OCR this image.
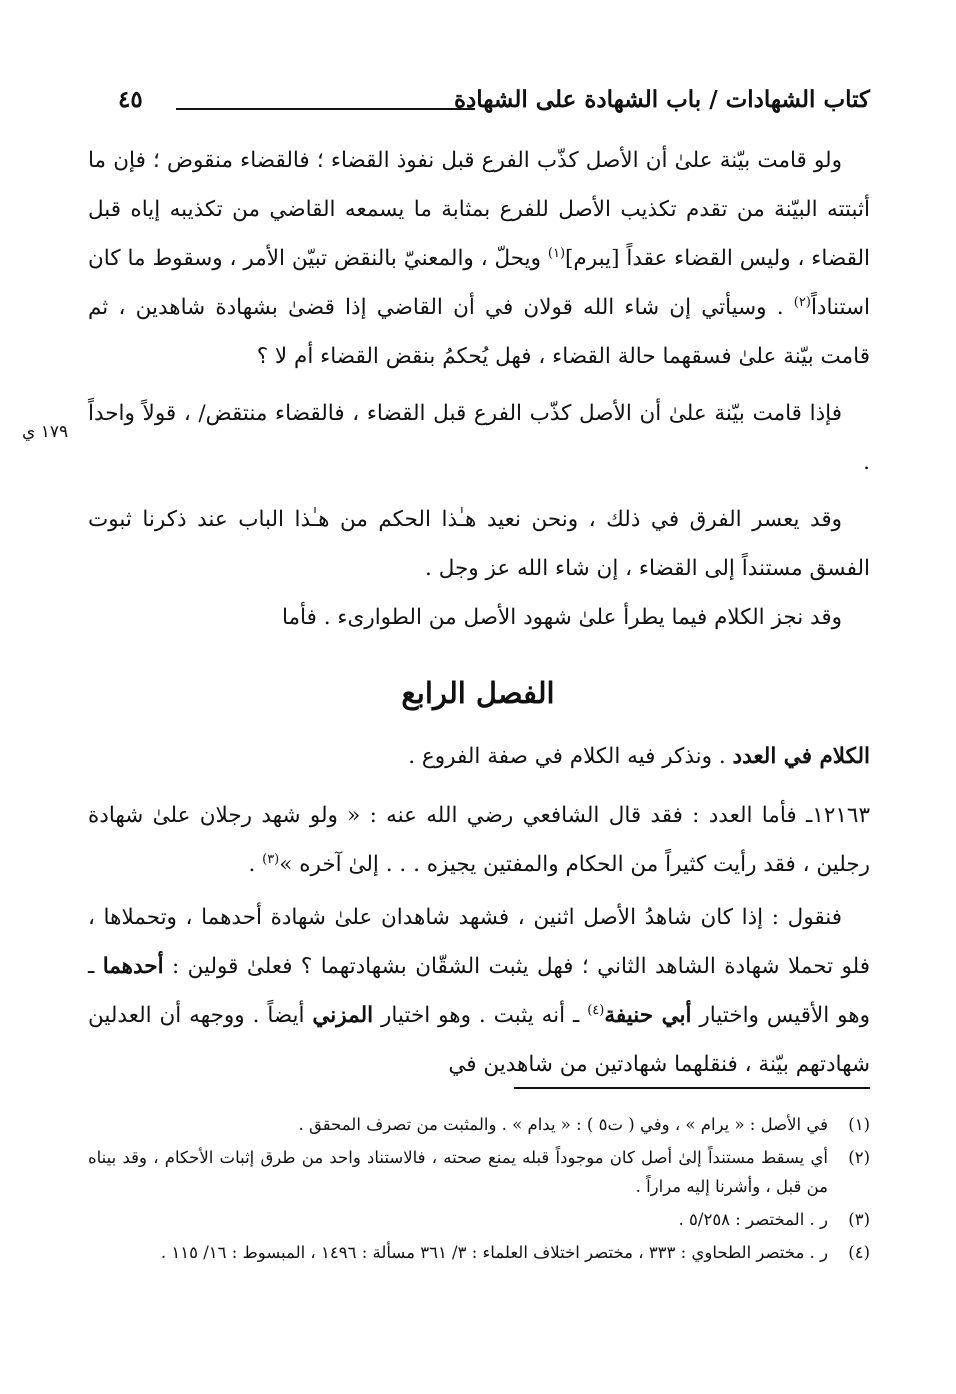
كتاب الشهادات / باب الشهادة على الشهادة
٤٥
١٧٩ ي

ولو قامت بيّنة علىٰ أن الأصل كذّب الفرع قبل نفوذ القضاء ؛ فالقضاء منقوض ؛ فإن ما أثبتته البيّنة من تقدم تكذيب الأصل للفرع بمثابة ما يسمعه القاضي من تكذيبه إياه قبل القضاء ، وليس القضاء عقداً [يبرم]$^{(١)}$ ويحلّ ، والمعنيّ بالنقض تبيّن الأمر ، وسقوط ما كان استناداً$^{(٢)}$ . وسيأتي إن شاء الله قولان في أن القاضي إذا قضىٰ بشهادة شاهدين ، ثم قامت بيّنة علىٰ فسقهما حالة القضاء ، فهل يُحكمُ بنقض القضاء أم لا ؟

فإذا قامت بيّنة علىٰ أن الأصل كذّب الفرع قبل القضاء ، فالقضاء منتقض/ ، قولاً واحداً .

وقد يعسر الفرق في ذلك ، ونحن نعيد هـٰذا الحكم من هـٰذا الباب عند ذكرنا ثبوت الفسق مستنداً إلى القضاء ، إن شاء الله عز وجل .

وقد نجز الكلام فيما يطرأ علىٰ شهود الأصل من الطوارىء . فأما

الفصل الرابع

الكلام في العدد . ونذكر فيه الكلام في صفة الفروع .

١٢١٦٣ـ فأما العدد : فقد قال الشافعي رضي الله عنه : « ولو شهد رجلان علىٰ شهادة رجلين ، فقد رأيت كثيراً من الحكام والمفتين يجيزه . . . إلىٰ آخره »$^{(٣)}$ .

فنقول : إذا كان شاهدُ الأصل اثنين ، فشهد شاهدان علىٰ شهادة أحدهما ، وتحملاها ، فلو تحملا شهادة الشاهد الثاني ؛ فهل يثبت الشقّان بشهادتهما ؟ فعلىٰ قولين : أحدهما ـ وهو الأقيس واختيار أبي حنيفة$^{(٤)}$ ـ أنه يثبت . وهو اختيار المزني أيضاً . ووجهه أن العدلين شهادتهم بيّنة ، فنقلهما شهادتين من شاهدين في

(١)
في الأصل : « يرام » ، وفي ( ت٥ ) : « يدام » . والمثبت من تصرف المحقق .
(٢)
أي يسقط مستنداً إلىٰ أصل كان موجوداً قبله يمنع صحته ، فالاستناد واحد من طرق إثبات الأحكام ، وقد بيناه من قبل ، وأشرنا إليه مراراً .
(٣)
ر . المختصر : ٥/٢٥٨ .
(٤)
ر . مختصر الطحاوي : ٣٣٣ ، مختصر اختلاف العلماء : ٣/ ٣٦١ مسألة : ١٤٩٦ ، المبسوط : ١٦/ ١١٥ .
